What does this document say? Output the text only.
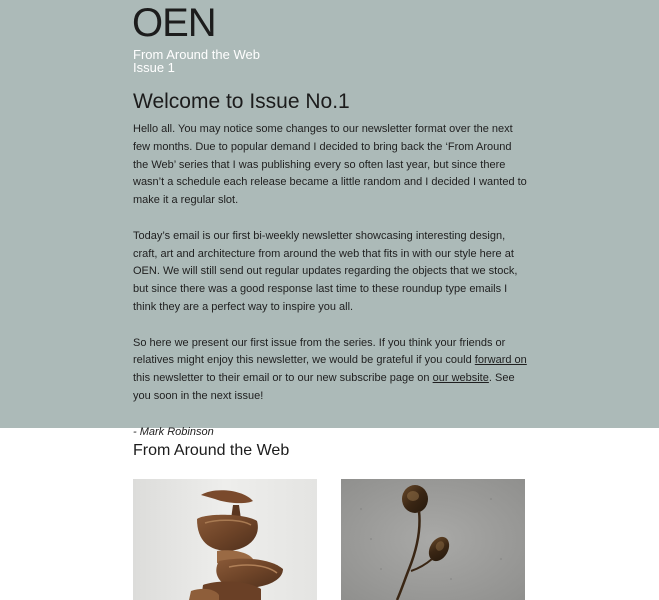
OEN
From Around the Web
Issue 1
Welcome to Issue No.1

Hello all. You may notice some changes to our newsletter format over the next few months. Due to popular demand I decided to bring back the ‘From Around the Web’ series that I was publishing every so often last year, but since there wasn’t a schedule each release became a little random and I decided I wanted to make it a regular slot.

Today’s email is our first bi-weekly newsletter showcasing interesting design, craft, art and architecture from around the web that fits in with our style here at OEN. We will still send out regular updates regarding the objects that we stock, but since there was a good response last time to these roundup type emails I think they are a perfect way to inspire you all.

So here we present our first issue from the series. If you think your friends or relatives might enjoy this newsletter, we would be grateful if you could forward on this newsletter to their email or to our new subscribe page on our website. See you soon in the next issue!

- Mark Robinson

From Around the Web
